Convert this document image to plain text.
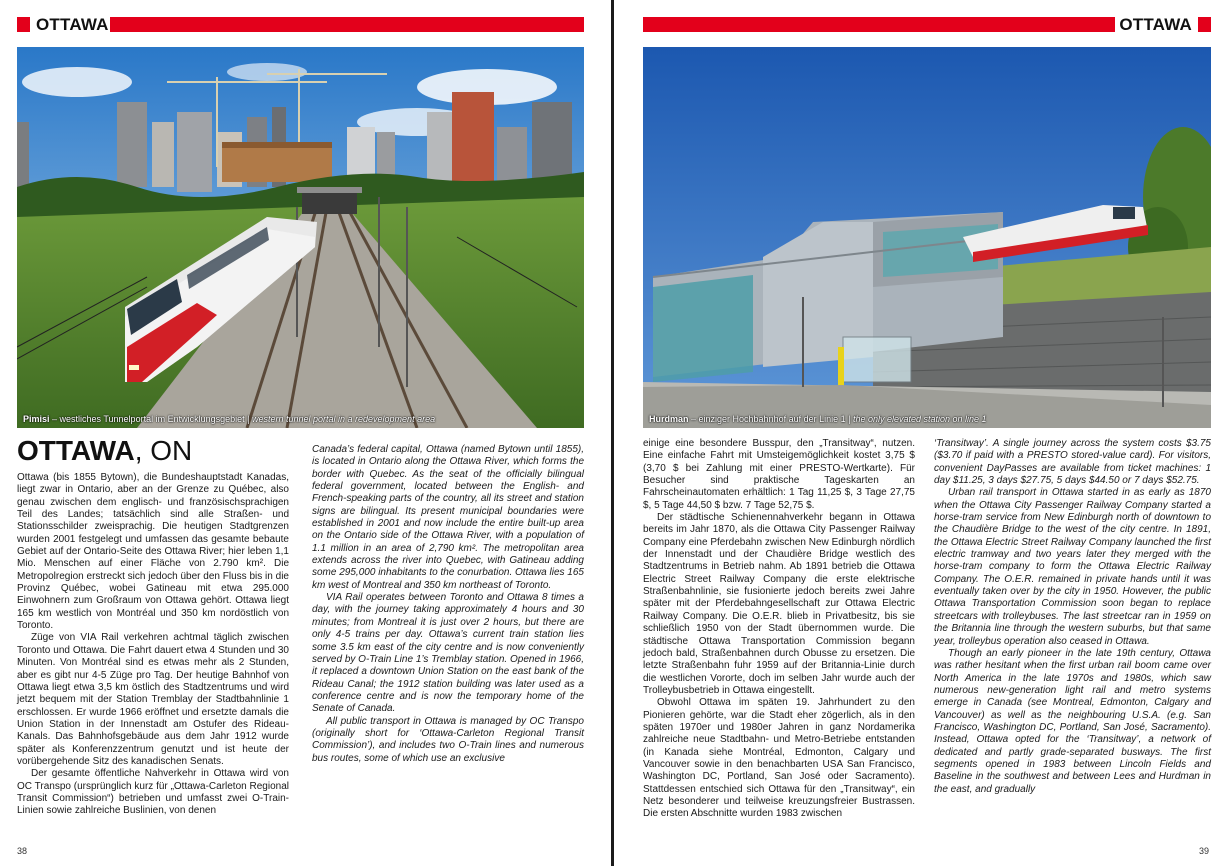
OTTAWA
Pimisi – westliches Tunnelportal im Entwicklungsgebiet | western tunnel portal in a redevelopment area
OTTAWA, ON

Ottawa (bis 1855 Bytown), die Bundeshauptstadt Kanadas, liegt zwar in Ontario, aber an der Grenze zu Québec, also genau zwischen dem englisch- und französischsprachigen Teil des Landes; tatsächlich sind alle Straßen- und Stationsschilder zweisprachig. Die heutigen Stadtgrenzen wurden 2001 festgelegt und umfassen das gesamte bebaute Gebiet auf der Ontario-Seite des Ottawa River; hier leben 1,1 Mio. Menschen auf einer Fläche von 2.790 km². Die Metropolregion erstreckt sich jedoch über den Fluss bis in die Provinz Québec, wobei Gatineau mit etwa 295.000 Einwohnern zum Großraum von Ottawa gehört. Ottawa liegt 165 km westlich von Montréal und 350 km nordöstlich von Toronto.

Züge von VIA Rail verkehren achtmal täglich zwischen Toronto und Ottawa. Die Fahrt dauert etwa 4 Stunden und 30 Minuten. Von Montréal sind es etwas mehr als 2 Stunden, aber es gibt nur 4-5 Züge pro Tag. Der heutige Bahnhof von Ottawa liegt etwa 3,5 km östlich des Stadtzentrums und wird jetzt bequem mit der Station Tremblay der Stadtbahnlinie 1 erschlossen. Er wurde 1966 eröffnet und ersetzte damals die Union Station in der Innenstadt am Ostufer des Rideau-Kanals. Das Bahnhofsgebäude aus dem Jahr 1912 wurde später als Konferenzzentrum genutzt und ist heute der vorübergehende Sitz des kanadischen Senats.

Der gesamte öffentliche Nahverkehr in Ottawa wird von OC Transpo (ursprünglich kurz für „Ottawa-Carleton Regional Transit Commission“) betrieben und umfasst zwei O-Train-Linien sowie zahlreiche Buslinien, von denen

Canada’s federal capital, Ottawa (named Bytown until 1855), is located in Ontario along the Ottawa River, which forms the border with Quebec. As the seat of the officially bilingual federal government, located between the English- and French-speaking parts of the country, all its street and station signs are bilingual. Its present municipal boundaries were established in 2001 and now include the entire built-up area on the Ontario side of the Ottawa River, with a population of 1.1 million in an area of 2,790 km². The metropolitan area extends across the river into Quebec, with Gatineau adding some 295,000 inhabitants to the conurbation. Ottawa lies 165 km west of Montreal and 350 km northeast of Toronto.

VIA Rail operates between Toronto and Ottawa 8 times a day, with the journey taking approximately 4 hours and 30 minutes; from Montreal it is just over 2 hours, but there are only 4-5 trains per day. Ottawa’s current train station lies some 3.5 km east of the city centre and is now conveniently served by O-Train Line 1’s Tremblay station. Opened in 1966, it replaced a downtown Union Station on the east bank of the Rideau Canal; the 1912 station building was later used as a conference centre and is now the temporary home of the Senate of Canada.

All public transport in Ottawa is managed by OC Transpo (originally short for ‘Ottawa-Carleton Regional Transit Commission’), and includes two O-Train lines and numerous bus routes, some of which use an exclusive

38
OTTAWA
Hurdman – einziger Hochbahnhof auf der Linie 1 | the only elevated station on line 1

einige eine besondere Busspur, den „Transitway“, nutzen. Eine einfache Fahrt mit Umsteigemöglichkeit kostet 3,75 $ (3,70 $ bei Zahlung mit einer PRESTO-Wertkarte). Für Besucher sind praktische Tageskarten an Fahrscheinautomaten erhältlich: 1 Tag 11,25 $, 3 Tage 27,75 $, 5 Tage 44,50 $ bzw. 7 Tage 52,75 $.

Der städtische Schienennahverkehr begann in Ottawa bereits im Jahr 1870, als die Ottawa City Passenger Railway Company eine Pferdebahn zwischen New Edinburgh nördlich der Innenstadt und der Chaudière Bridge westlich des Stadtzentrums in Betrieb nahm. Ab 1891 betrieb die Ottawa Electric Street Railway Company die erste elektrische Straßenbahnlinie, sie fusionierte jedoch bereits zwei Jahre später mit der Pferdebahngesellschaft zur Ottawa Electric Railway Company. Die O.E.R. blieb in Privatbesitz, bis sie schließlich 1950 von der Stadt übernommen wurde. Die städtische Ottawa Transportation Commission begann jedoch bald, Straßenbahnen durch Obusse zu ersetzen. Die letzte Straßenbahn fuhr 1959 auf der Britannia-Linie durch die westlichen Vororte, doch im selben Jahr wurde auch der Trolleybusbetrieb in Ottawa eingestellt.

Obwohl Ottawa im späten 19. Jahrhundert zu den Pionieren gehörte, war die Stadt eher zögerlich, als in den späten 1970er und 1980er Jahren in ganz Nordamerika zahlreiche neue Stadtbahn- und Metro-Betriebe entstanden (in Kanada siehe Montréal, Edmonton, Calgary und Vancouver sowie in den benachbarten USA San Francisco, Washington DC, Portland, San José oder Sacramento). Stattdessen entschied sich Ottawa für den „Transitway“, ein Netz besonderer und teilweise kreuzungsfreier Bustrassen. Die ersten Abschnitte wurden 1983 zwischen

‘Transitway’. A single journey across the system costs $3.75 ($3.70 if paid with a PRESTO stored-value card). For visitors, convenient DayPasses are available from ticket machines: 1 day $11.25, 3 days $27.75, 5 days $44.50 or 7 days $52.75.

Urban rail transport in Ottawa started in as early as 1870 when the Ottawa City Passenger Railway Company started a horse-tram service from New Edinburgh north of downtown to the Chaudière Bridge to the west of the city centre. In 1891, the Ottawa Electric Street Railway Company launched the first electric tramway and two years later they merged with the horse-tram company to form the Ottawa Electric Railway Company. The O.E.R. remained in private hands until it was eventually taken over by the city in 1950. However, the public Ottawa Transportation Commission soon began to replace streetcars with trolleybuses. The last streetcar ran in 1959 on the Britannia line through the western suburbs, but that same year, trolleybus operation also ceased in Ottawa.

Though an early pioneer in the late 19th century, Ottawa was rather hesitant when the first urban rail boom came over North America in the late 1970s and 1980s, which saw numerous new-generation light rail and metro systems emerge in Canada (see Montreal, Edmonton, Calgary and Vancouver) as well as the neighbouring U.S.A. (e.g. San Francisco, Washington DC, Portland, San José, Sacramento). Instead, Ottawa opted for the ‘Transitway’, a network of dedicated and partly grade-separated busways. The first segments opened in 1983 between Lincoln Fields and Baseline in the southwest and between Lees and Hurdman in the east, and gradually

39
